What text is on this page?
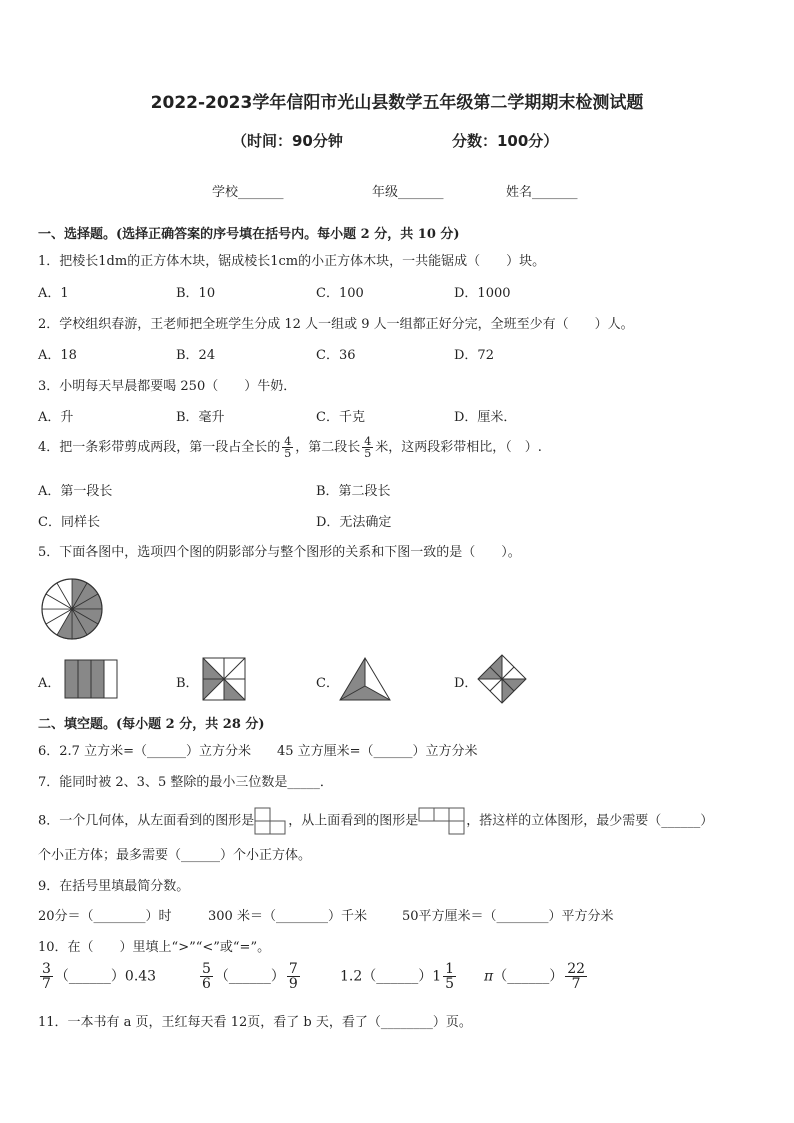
2022-2023学年信阳市光山县数学五年级第二学期期末检测试题
（时间：90分钟	分数：100分）
学校_______	年级_______	姓名_______
一、选择题。(选择正确答案的序号填在括号内。每小题 2 分，共 10 分)
1．把棱长1dm的正方体木块，锯成棱长1cm的小正方体木块，一共能锯成（　　）块。
A．1	B．10	C．100	D．1000
2．学校组织春游，王老师把全班学生分成 12 人一组或 9 人一组都正好分完，全班至少有（　　）人。
A．18	B．24	C．36	D．72
3．小明每天早晨都要喝 250（　　）牛奶．
A．升	B．毫升	C．千克	D．厘米．
4．把一条彩带剪成两段，第一段占全长的 $\frac{4}{5}$ ，第二段长 $\frac{4}{5}$ 米，这两段彩带相比，（　）.
A．第一段长	B．第二段长
C．同样长	D．无法确定
5．下面各图中，选项四个图的阴影部分与整个图形的关系和下图一致的是（　　）。
A．	B．	C．	D．
二、填空题。(每小题 2 分，共 28 分)
6．2.7 立方米=（______）立方分米　　45 立方厘米=（______）立方分米
7．能同时被 2、3、5 整除的最小三位数是_____．
8．一个几何体，从左面看到的图形是	，从上面看到的图形是	，搭这样的立体图形，最少需要（______）
个小正方体；最多需要（______）个小正方体。
9．在括号里填最简分数。
20分＝（________）时	300 米＝（________）千米	50平方厘米＝（________）平方分米
10．在（　　）里填上“>”“<”或“=”。
$\frac{3}{7}$ （______）0.43	$\frac{5}{6}$ （______） $\frac{7}{9}$	1.2（______）1 $\frac{1}{5}$ π（______） $\frac{22}{7}$
11．一本书有 a 页，王红每天看 12页，看了 b 天，看了（________）页。
